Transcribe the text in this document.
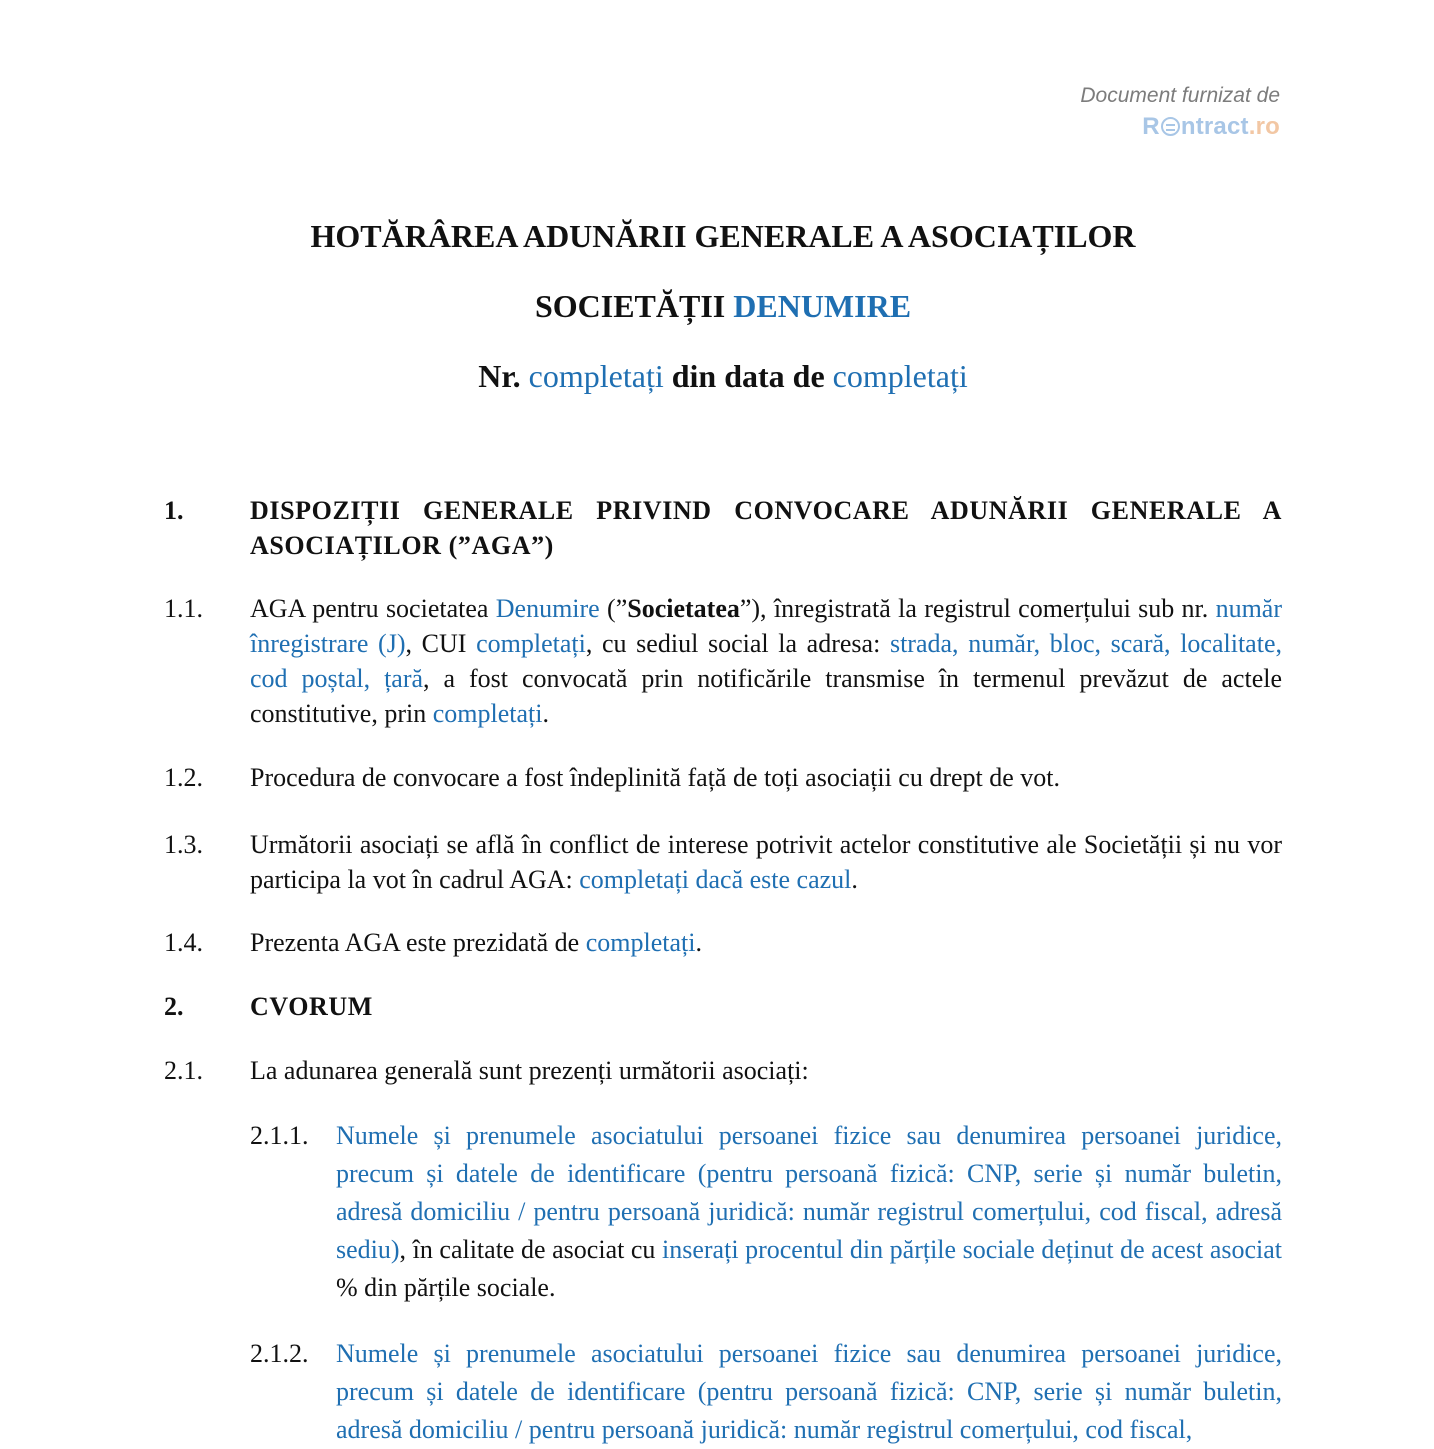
Document furnizat de
R ntract.ro
HOTĂRÂREA ADUNĂRII GENERALE A ASOCIAȚILOR
SOCIETĂȚII DENUMIRE
Nr. completați din data de completați
1.	DISPOZIȚII GENERALE PRIVIND CONVOCARE ADUNĂRII GENERALE A ASOCIAȚILOR (”AGA”)
1.1. AGA pentru societatea Denumire (”Societatea”), înregistrată la registrul comerțului sub nr. număr înregistrare (J), CUI completați, cu sediul social la adresa: strada, număr, bloc, scară, localitate, cod poștal, țară, a fost convocată prin notificările transmise în termenul prevăzut de actele constitutive, prin completați.
1.2. Procedura de convocare a fost îndeplinită față de toți asociații cu drept de vot.
1.3. Următorii asociați se află în conflict de interese potrivit actelor constitutive ale Societății și nu vor participa la vot în cadrul AGA: completați dacă este cazul.
1.4. Prezenta AGA este prezidată de completați.
2.	CVORUM
2.1. La adunarea generală sunt prezenți următorii asociați:
2.1.1. Numele și prenumele asociatului persoanei fizice sau denumirea persoanei juridice, precum și datele de identificare (pentru persoană fizică: CNP, serie și număr buletin, adresă domiciliu / pentru persoană juridică: număr registrul comerțului, cod fiscal, adresă sediu), în calitate de asociat cu inserați procentul din părțile sociale deținut de acest asociat % din părțile sociale.
2.1.2. Numele și prenumele asociatului persoanei fizice sau denumirea persoanei juridice, precum și datele de identificare (pentru persoană fizică: CNP, serie și număr buletin, adresă domiciliu / pentru persoană juridică: număr registrul comerțului, cod fiscal,
